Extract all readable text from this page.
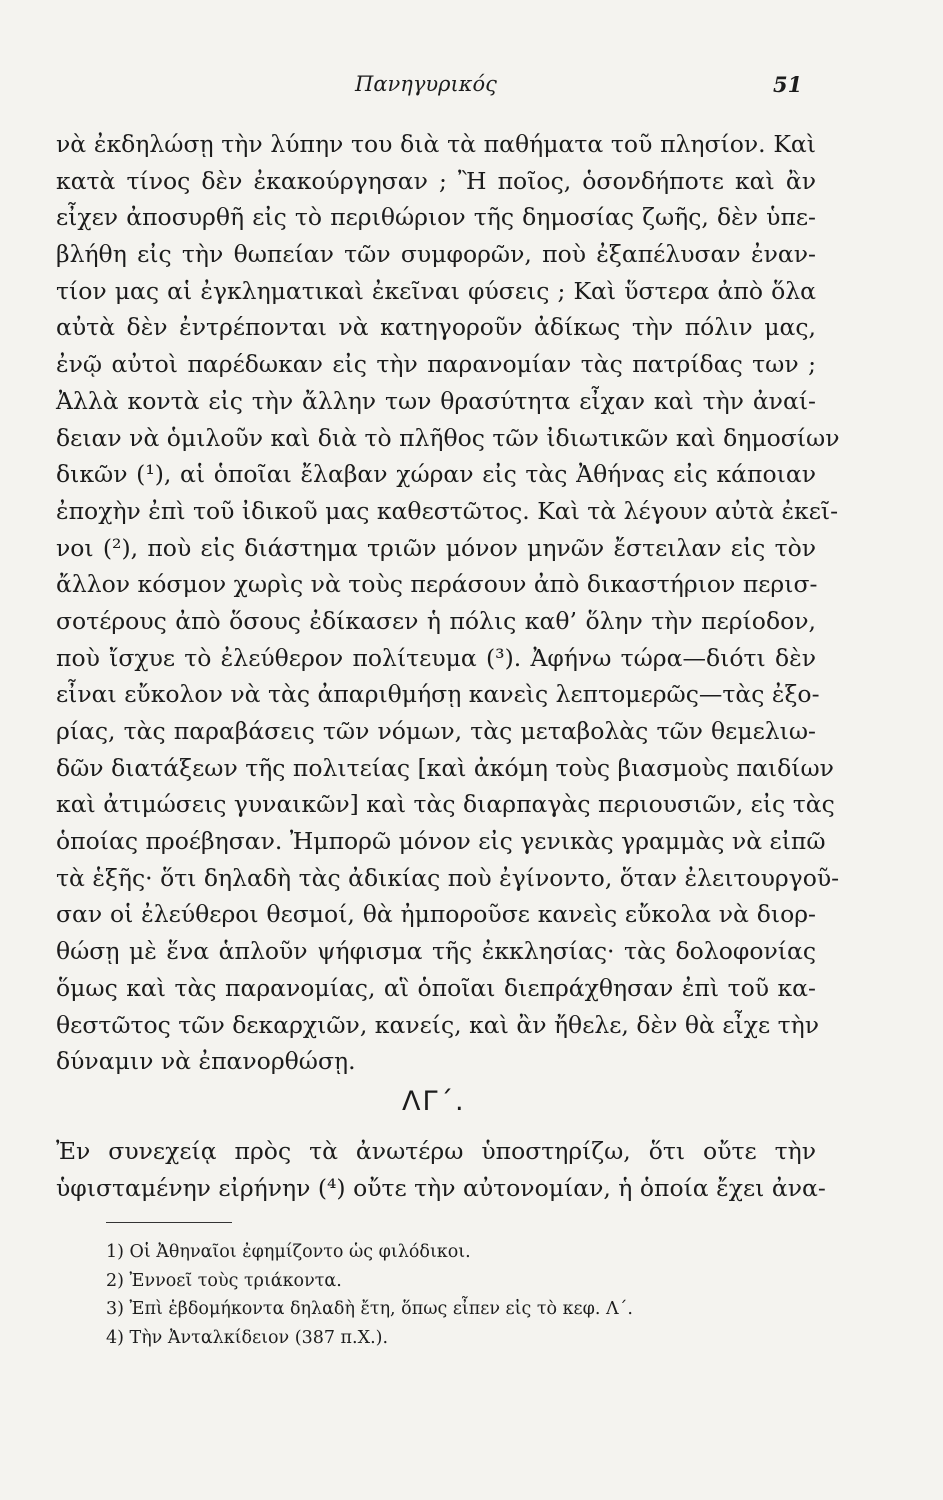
Πανηγυρικός	51
νὰ ἐκδηλώσῃ τὴν λύπην του διὰ τὰ παθήματα τοῦ πλησίον. Καὶ
κατὰ τίνος δὲν ἐκακούργησαν ; Ἢ ποῖος, ὁσονδήποτε καὶ ἂν
εἶχεν ἀποσυρθῆ εἰς τὸ περιθώριον τῆς δημοσίας ζωῆς, δὲν ὑπε-
βλήθη εἰς τὴν θωπείαν τῶν συμφορῶν, ποὺ ἐξαπέλυσαν ἐναν-
τίον μας αἱ ἐγκληματικαὶ ἐκεῖναι φύσεις ; Καὶ ὕστερα ἀπὸ ὅλα
αὐτὰ δὲν ἐντρέπονται νὰ κατηγοροῦν ἀδίκως τὴν πόλιν μας,
ἐνῷ αὐτοὶ παρέδωκαν εἰς τὴν παρανομίαν τὰς πατρίδας των ;
Ἀλλὰ κοντὰ εἰς τὴν ἄλλην των θρασύτητα εἶχαν καὶ τὴν ἀναί-
δειαν νὰ ὁμιλοῦν καὶ διὰ τὸ πλῆθος τῶν ἰδιωτικῶν καὶ δημοσίων
δικῶν (¹), αἱ ὁποῖαι ἔλαβαν χώραν εἰς τὰς Ἀθήνας εἰς κάποιαν
ἐποχὴν ἐπὶ τοῦ ἰδικοῦ μας καθεστῶτος. Καὶ τὰ λέγουν αὐτὰ ἐκεῖ-
νοι (²), ποὺ εἰς διάστημα τριῶν μόνον μηνῶν ἔστειλαν εἰς τὸν
ἄλλον κόσμον χωρὶς νὰ τοὺς περάσουν ἀπὸ δικαστήριον περισ-
σοτέρους ἀπὸ ὅσους ἐδίκασεν ἡ πόλις καθ’ ὅλην τὴν περίοδον,
ποὺ ἴσχυε τὸ ἐλεύθερον πολίτευμα (³). Ἀφήνω τώρα—διότι δὲν
εἶναι εὔκολον νὰ τὰς ἀπαριθμήσῃ κανεὶς λεπτομερῶς—τὰς ἐξο-
ρίας, τὰς παραβάσεις τῶν νόμων, τὰς μεταβολὰς τῶν θεμελιω-
δῶν διατάξεων τῆς πολιτείας [καὶ ἀκόμη τοὺς βιασμοὺς παιδίων
καὶ ἀτιμώσεις γυναικῶν] καὶ τὰς διαρπαγὰς περιουσιῶν, εἰς τὰς
ὁποίας προέβησαν. Ἠμπορῶ μόνον εἰς γενικὰς γραμμὰς νὰ εἰπῶ
τὰ ἑξῆς· ὅτι δηλαδὴ τὰς ἀδικίας ποὺ ἐγίνοντο, ὅταν ἐλειτουργοῦ-
σαν οἱ ἐλεύθεροι θεσμοί, θὰ ἠμποροῦσε κανεὶς εὔκολα νὰ διορ-
θώσῃ μὲ ἕνα ἁπλοῦν ψήφισμα τῆς ἐκκλησίας· τὰς δολοφονίας
ὅμως καὶ τὰς παρανομίας, αἳ ὁποῖαι διεπράχθησαν ἐπὶ τοῦ κα-
θεστῶτος τῶν δεκαρχιῶν, κανείς, καὶ ἂν ἤθελε, δὲν θὰ εἶχε τὴν
δύναμιν νὰ ἐπανορθώσῃ.
ΛΓ΄.
Ἐν συνεχείᾳ πρὸς τὰ ἀνωτέρω ὑποστηρίζω, ὅτι οὔτε τὴν
ὑφισταμένην εἰρήνην (⁴) οὔτε τὴν αὐτονομίαν, ἡ ὁποία ἔχει ἀνα-
1) Οἱ Ἀθηναῖοι ἐφημίζοντο ὡς φιλόδικοι.
2) Ἐννοεῖ τοὺς τριάκοντα.
3) Ἐπὶ ἑβδομήκοντα δηλαδὴ ἔτη, ὅπως εἶπεν εἰς τὸ κεφ. Λ΄.
4) Τὴν Ἀνταλκίδειον (387 π.Χ.).
